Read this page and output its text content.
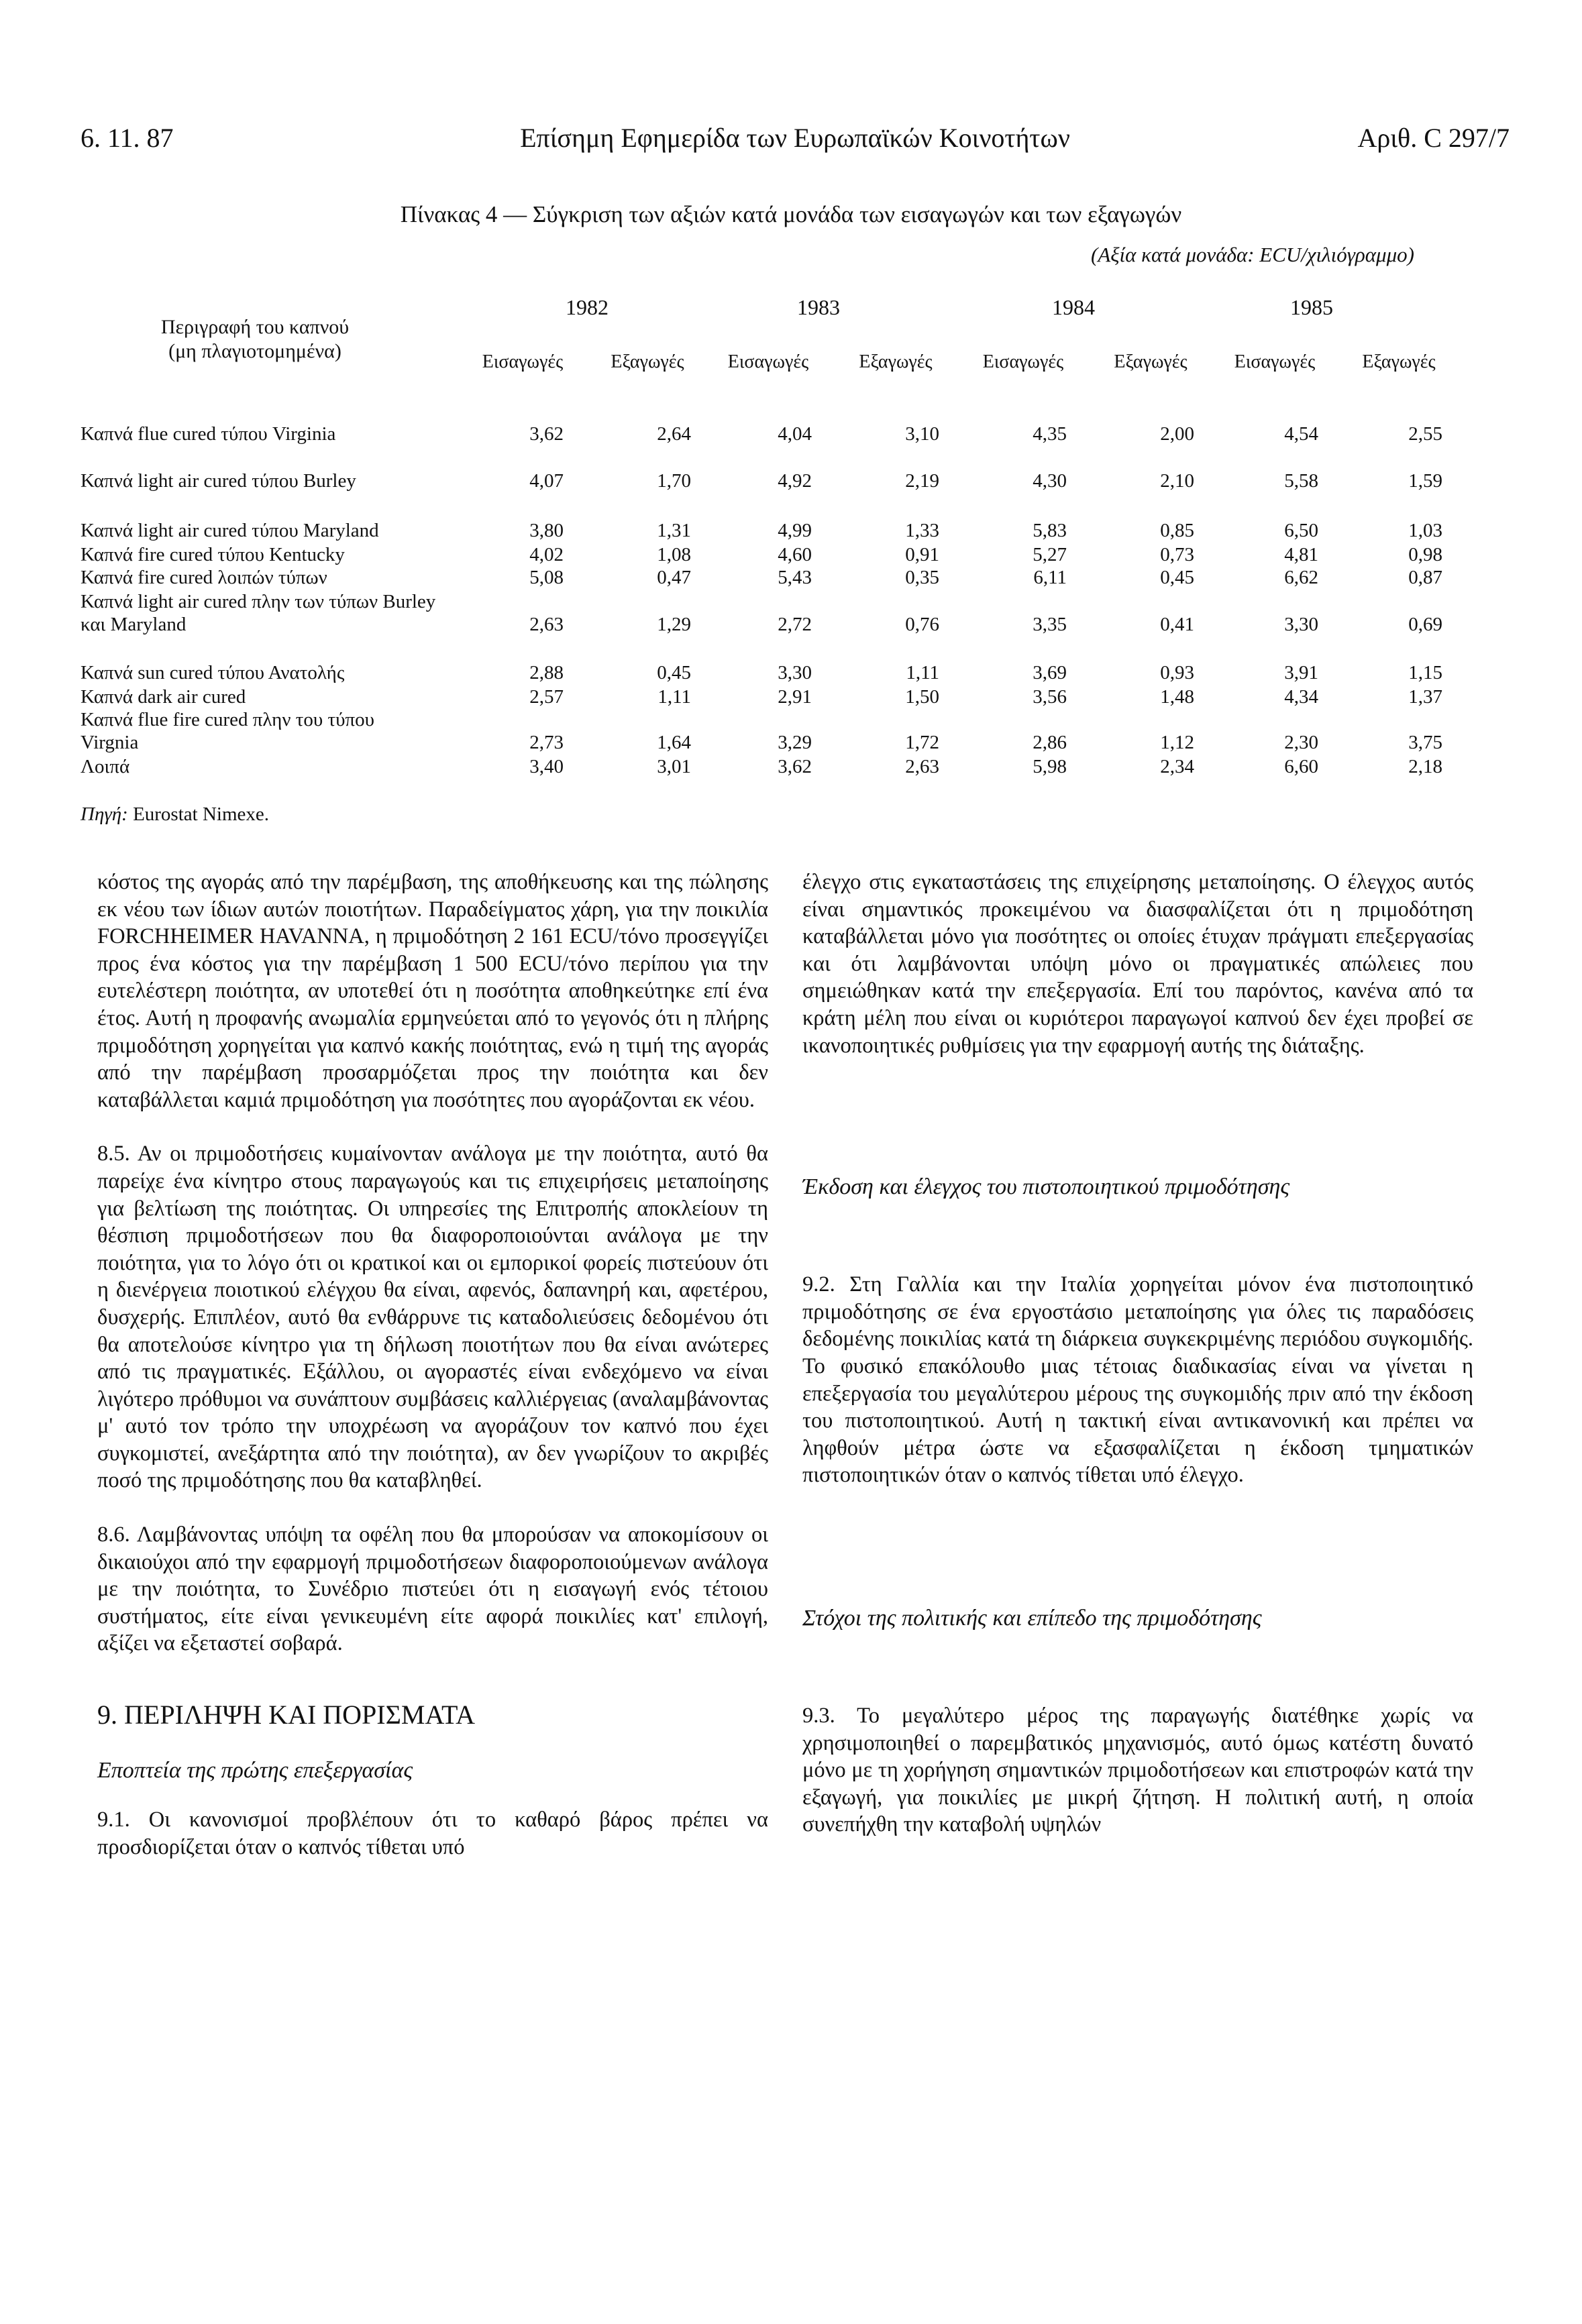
Επίσημη Εφημερίδα των Ευρωπαϊκών Κοινοτήτων
6. 11. 87	Αριθ. C 297/7
Πίνακας 4 — Σύγκριση των αξιών κατά μονάδα των εισαγωγών και των εξαγωγών
(Αξία κατά μονάδα: ECU/χιλιόγραμμο)
Περιγραφή του καπνού
(μη πλαγιοτομημένα)
1982	1983	1984	1985
Εισαγωγές	Εξαγωγές	Εισαγωγές	Εξαγωγές	Εισαγωγές	Εξαγωγές	Εισαγωγές	Εξαγωγές
Καπνά flue cured τύπου Virginia	3,62	2,64	4,04	3,10	4,35	2,00	4,54	2,55
Καπνά light air cured τύπου Burley	4,07	1,70	4,92	2,19	4,30	2,10	5,58	1,59
Καπνά light air cured τύπου Maryland	3,80	1,31	4,99	1,33	5,83	0,85	6,50	1,03
Καπνά fire cured τύπου Kentucky	4,02	1,08	4,60	0,91	5,27	0,73	4,81	0,98
Καπνά fire cured λοιπών τύπων	5,08	0,47	5,43	0,35	6,11	0,45	6,62	0,87
Καπνά light air cured πλην των τύπων Burley και Maryland	2,63	1,29	2,72	0,76	3,35	0,41	3,30	0,69
Καπνά sun cured τύπου Ανατολής	2,88	0,45	3,30	1,11	3,69	0,93	3,91	1,15
Καπνά dark air cured	2,57	1,11	2,91	1,50	3,56	1,48	4,34	1,37
Καπνά flue fire cured πλην του τύπου Virgnia	2,73	1,64	3,29	1,72	2,86	1,12	2,30	3,75
Λοιπά	3,40	3,01	3,62	2,63	5,98	2,34	6,60	2,18
Πηγή: Eurostat Nimexe.

κόστος της αγοράς από την παρέμβαση, της αποθήκευσης και της πώλησης εκ νέου των ίδιων αυτών ποιοτήτων. Παραδείγματος χάρη, για την ποικιλία FORCHHEIMER HAVANNA, η πριμοδότηση 2 161 ECU/τόνο προσεγγίζει προς ένα κόστος για την παρέμβαση 1 500 ECU/τόνο περίπου για την ευτελέστερη ποιότητα, αν υποτεθεί ότι η ποσότητα αποθηκεύτηκε επί ένα έτος. Αυτή η προφανής ανωμαλία ερμηνεύεται από το γεγονός ότι η πλήρης πριμοδότηση χορηγείται για καπνό κακής ποιότητας, ενώ η τιμή της αγοράς από την παρέμβαση προσαρμόζεται προς την ποιότητα και δεν καταβάλλεται καμιά πριμοδότηση για ποσότητες που αγοράζονται εκ νέου.

8.5. Αν οι πριμοδοτήσεις κυμαίνονταν ανάλογα με την ποιότητα, αυτό θα παρείχε ένα κίνητρο στους παραγωγούς και τις επιχειρήσεις μεταποίησης για βελτίωση της ποιότητας. Οι υπηρεσίες της Επιτροπής αποκλείουν τη θέσπιση πριμοδοτήσεων που θα διαφοροποιούνται ανάλογα με την ποιότητα, για το λόγο ότι οι κρατικοί και οι εμπορικοί φορείς πιστεύουν ότι η διενέργεια ποιοτικού ελέγχου θα είναι, αφενός, δαπανηρή και, αφετέρου, δυσχερής. Επιπλέον, αυτό θα ενθάρρυνε τις καταδολιεύσεις δεδομένου ότι θα αποτελούσε κίνητρο για τη δήλωση ποιοτήτων που θα είναι ανώτερες από τις πραγματικές. Εξάλλου, οι αγοραστές είναι ενδεχόμενο να είναι λιγότερο πρόθυμοι να συνάπτουν συμβάσεις καλλιέργειας (αναλαμβάνοντας μ' αυτό τον τρόπο την υποχρέωση να αγοράζουν τον καπνό που έχει συγκομιστεί, ανεξάρτητα από την ποιότητα), αν δεν γνωρίζουν το ακριβές ποσό της πριμοδότησης που θα καταβληθεί.

8.6. Λαμβάνοντας υπόψη τα οφέλη που θα μπορούσαν να αποκομίσουν οι δικαιούχοι από την εφαρμογή πριμοδοτήσεων διαφοροποιούμενων ανάλογα με την ποιότητα, το Συνέδριο πιστεύει ότι η εισαγωγή ενός τέτοιου συστήματος, είτε είναι γενικευμένη είτε αφορά ποικιλίες κατ' επιλογή, αξίζει να εξεταστεί σοβαρά.

9. ΠΕΡΙΛΗΨΗ ΚΑΙ ΠΟΡΙΣΜΑΤΑ

Εποπτεία της πρώτης επεξεργασίας

9.1. Οι κανονισμοί προβλέπουν ότι το καθαρό βάρος πρέπει να προσδιορίζεται όταν ο καπνός τίθεται υπό

έλεγχο στις εγκαταστάσεις της επιχείρησης μεταποίησης. Ο έλεγχος αυτός είναι σημαντικός προκειμένου να διασφαλίζεται ότι η πριμοδότηση καταβάλλεται μόνο για ποσότητες οι οποίες έτυχαν πράγματι επεξεργασίας και ότι λαμβάνονται υπόψη μόνο οι πραγματικές απώλειες που σημειώθηκαν κατά την επεξεργασία. Επί του παρόντος, κανένα από τα κράτη μέλη που είναι οι κυριότεροι παραγωγοί καπνού δεν έχει προβεί σε ικανοποιητικές ρυθμίσεις για την εφαρμογή αυτής της διάταξης.

Έκδοση και έλεγχος του πιστοποιητικού πριμοδότησης

9.2. Στη Γαλλία και την Ιταλία χορηγείται μόνον ένα πιστοποιητικό πριμοδότησης σε ένα εργοστάσιο μεταποίησης για όλες τις παραδόσεις δεδομένης ποικιλίας κατά τη διάρκεια συγκεκριμένης περιόδου συγκομιδής. Το φυσικό επακόλουθο μιας τέτοιας διαδικασίας είναι να γίνεται η επεξεργασία του μεγαλύτερου μέρους της συγκομιδής πριν από την έκδοση του πιστοποιητικού. Αυτή η τακτική είναι αντικανονική και πρέπει να ληφθούν μέτρα ώστε να εξασφαλίζεται η έκδοση τμηματικών πιστοποιητικών όταν ο καπνός τίθεται υπό έλεγχο.

Στόχοι της πολιτικής και επίπεδο της πριμοδότησης

9.3. Το μεγαλύτερο μέρος της παραγωγής διατέθηκε χωρίς να χρησιμοποιηθεί ο παρεμβατικός μηχανισμός, αυτό όμως κατέστη δυνατό μόνο με τη χορήγηση σημαντικών πριμοδοτήσεων και επιστροφών κατά την εξαγωγή, για ποικιλίες με μικρή ζήτηση. Η πολιτική αυτή, η οποία συνεπήχθη την καταβολή υψηλών
